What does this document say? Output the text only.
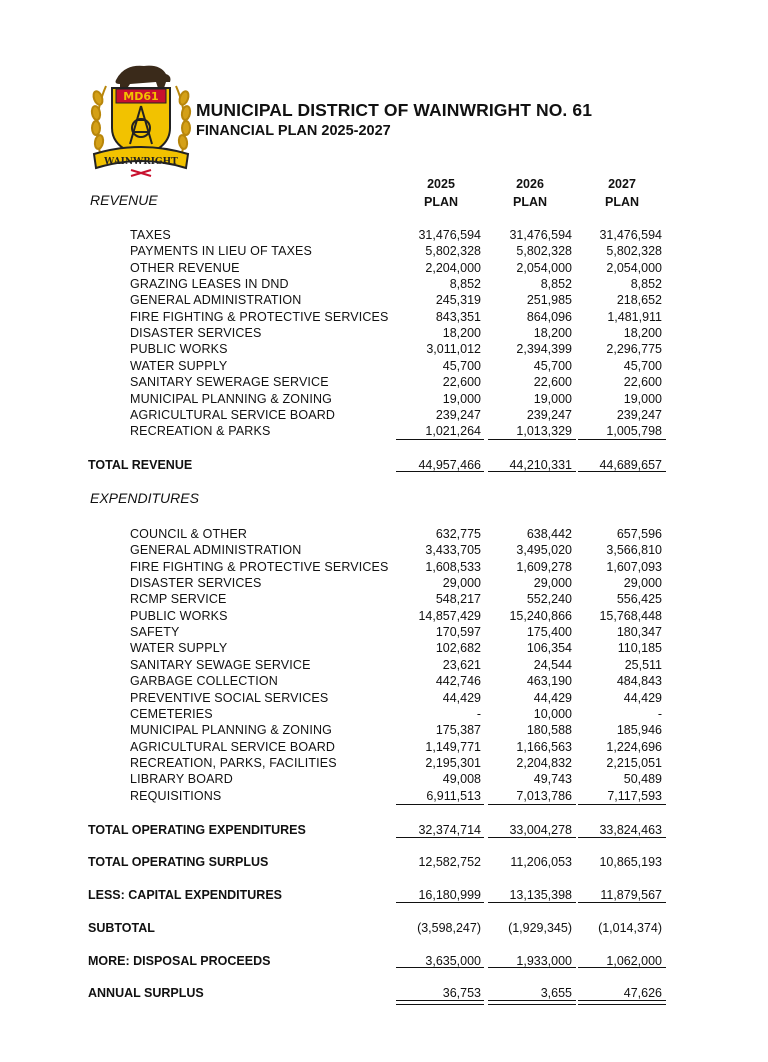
MD61
WAINWRIGHT
MUNICIPAL DISTRICT OF WAINWRIGHT NO. 61
FINANCIAL PLAN 2025-2027
2025	2026	2027
PLAN	PLAN	PLAN
REVENUE
TAXES	31,476,594	31,476,594	31,476,594
PAYMENTS IN LIEU OF TAXES	5,802,328	5,802,328	5,802,328
OTHER REVENUE	2,204,000	2,054,000	2,054,000
GRAZING LEASES IN DND	8,852	8,852	8,852
GENERAL ADMINISTRATION	245,319	251,985	218,652
FIRE FIGHTING & PROTECTIVE SERVICES	843,351	864,096	1,481,911
DISASTER SERVICES	18,200	18,200	18,200
PUBLIC WORKS	3,011,012	2,394,399	2,296,775
WATER SUPPLY	45,700	45,700	45,700
SANITARY SEWERAGE SERVICE	22,600	22,600	22,600
MUNICIPAL PLANNING & ZONING	19,000	19,000	19,000
AGRICULTURAL SERVICE BOARD	239,247	239,247	239,247
RECREATION & PARKS	1,021,264	1,013,329	1,005,798
TOTAL REVENUE	44,957,466	44,210,331	44,689,657
EXPENDITURES
COUNCIL & OTHER	632,775	638,442	657,596
GENERAL ADMINISTRATION	3,433,705	3,495,020	3,566,810
FIRE FIGHTING & PROTECTIVE SERVICES	1,608,533	1,609,278	1,607,093
DISASTER SERVICES	29,000	29,000	29,000
RCMP SERVICE	548,217	552,240	556,425
PUBLIC WORKS	14,857,429	15,240,866	15,768,448
SAFETY	170,597	175,400	180,347
WATER SUPPLY	102,682	106,354	110,185
SANITARY SEWAGE SERVICE	23,621	24,544	25,511
GARBAGE COLLECTION	442,746	463,190	484,843
PREVENTIVE SOCIAL SERVICES	44,429	44,429	44,429
CEMETERIES	-	10,000	-
MUNICIPAL PLANNING & ZONING	175,387	180,588	185,946
AGRICULTURAL SERVICE BOARD	1,149,771	1,166,563	1,224,696
RECREATION, PARKS, FACILITIES	2,195,301	2,204,832	2,215,051
LIBRARY BOARD	49,008	49,743	50,489
REQUISITIONS	6,911,513	7,013,786	7,117,593
TOTAL OPERATING EXPENDITURES	32,374,714	33,004,278	33,824,463
TOTAL OPERATING SURPLUS	12,582,752	11,206,053	10,865,193
LESS: CAPITAL EXPENDITURES	16,180,999	13,135,398	11,879,567
SUBTOTAL	(3,598,247)	(1,929,345)	(1,014,374)
MORE: DISPOSAL PROCEEDS	3,635,000	1,933,000	1,062,000
ANNUAL SURPLUS	36,753	3,655	47,626
